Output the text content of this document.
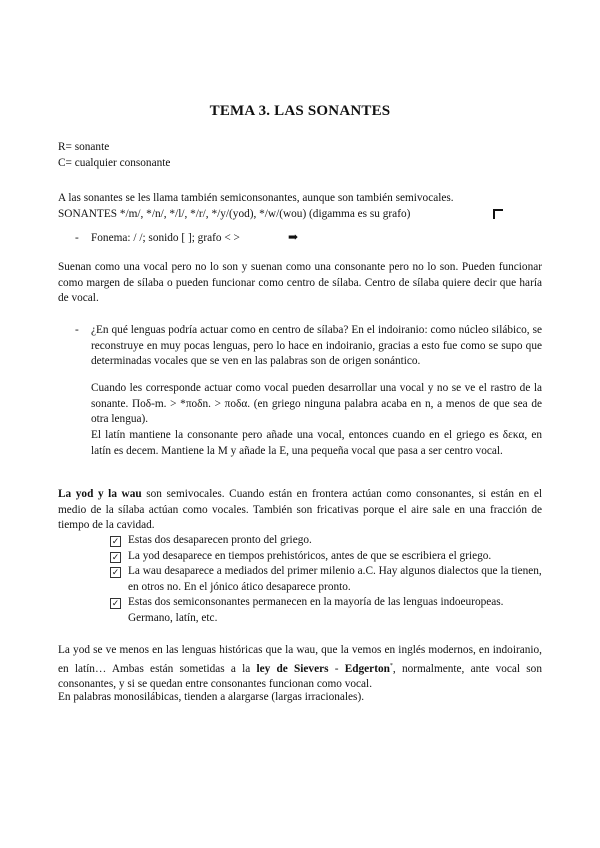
TEMA 3. LAS SONANTES
R= sonante
C= cualquier consonante
A las sonantes se les llama también semiconsonantes, aunque son también semivocales.
SONANTES */m/, */n/, */l/, */r/, */y/(yod), */w/(wou) (digamma es su grafo)
- Fonema: / /; sonido [ ]; grafo < >	➡
Suenan como una vocal pero no lo son y suenan como una consonante pero no lo son. Pueden funcionar como margen de sílaba o pueden funcionar como centro de sílaba. Centro de sílaba quiere decir que haría de vocal.
- ¿En qué lenguas podría actuar como en centro de sílaba? En el indoiranio: como núcleo silábico, se reconstruye en muy pocas lenguas, pero lo hace en indoiranio, gracias a esto fue como se supo que determinadas vocales que se ven en las palabras son de origen sonántico.
Cuando les corresponde actuar como vocal pueden desarrollar una vocal y no se ve el rastro de la sonante. Ποδ-m. > *ποδn. > ποδα. (en griego ninguna palabra acaba en n, a menos de que sea de otra lengua).
El latín mantiene la consonante pero añade una vocal, entonces cuando en el griego es δεκα, en latín es decem. Mantiene la M y añade la E, una pequeña vocal que pasa a ser centro vocal.
La yod y la wau son semivocales. Cuando están en frontera actúan como consonantes, si están en el medio de la sílaba actúan como vocales. También son fricativas porque el aire sale en una fracción de tiempo de la cavidad.
✓ Estas dos desaparecen pronto del griego.
✓ La yod desaparece en tiempos prehistóricos, antes de que se escribiera el griego.
✓ La wau desaparece a mediados del primer milenio a.C. Hay algunos dialectos que la tienen, en otros no. En el jónico ático desaparece pronto.
✓ Estas dos semiconsonantes permanecen en la mayoría de las lenguas indoeuropeas. Germano, latín, etc.
La yod se ve menos en las lenguas históricas que la wau, que la vemos en inglés modernos, en indoiranio, en latín… Ambas están sometidas a la ley de Sievers - Edgerton*, normalmente, ante vocal son consonantes, y si se quedan entre consonantes funcionan como vocal.
En palabras monosilábicas, tienden a alargarse (largas irracionales).
